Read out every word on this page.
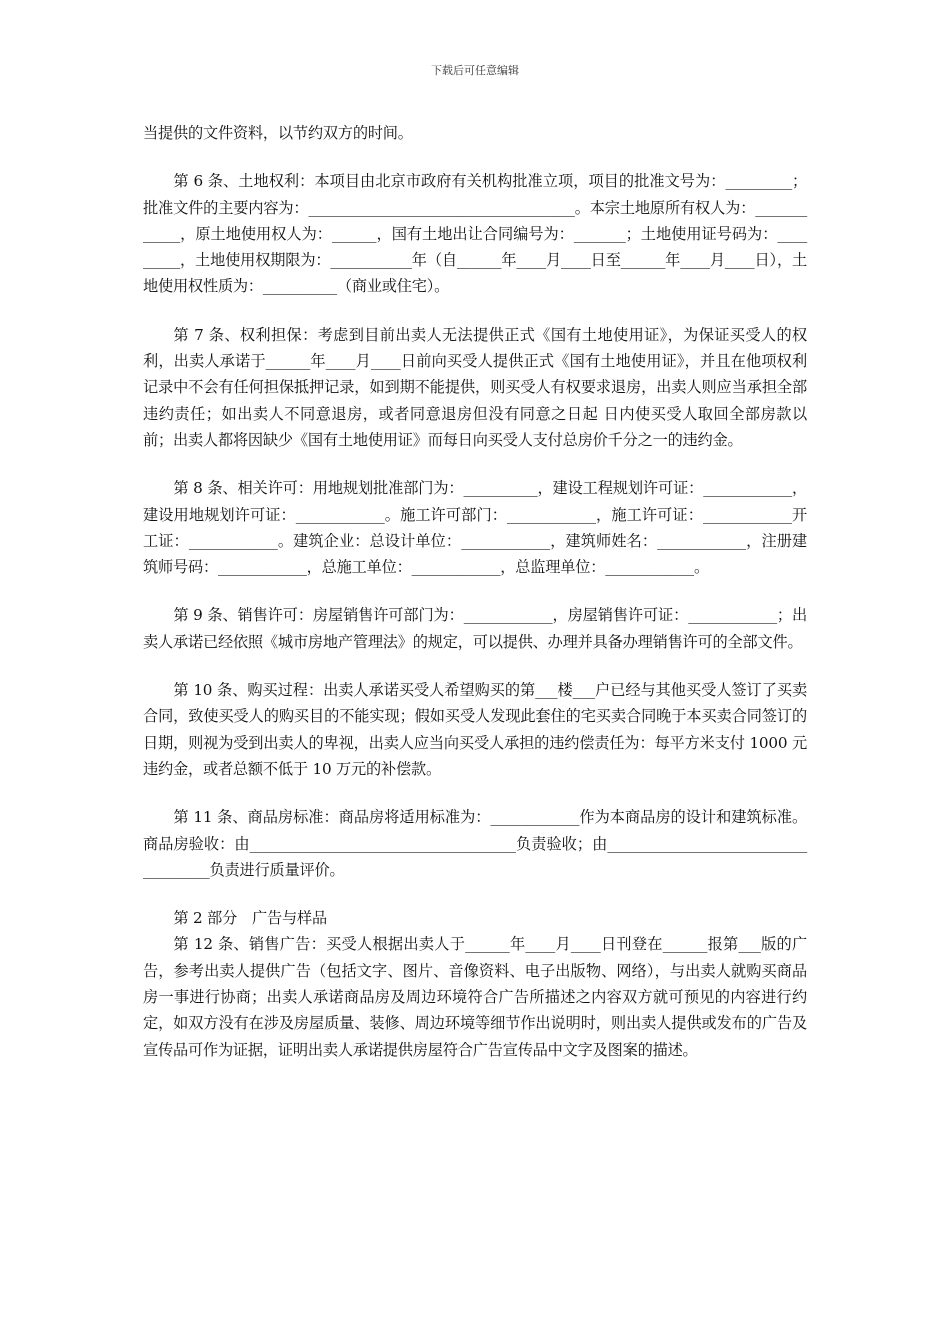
下载后可任意编辑

当提供的文件资料，以节约双方的时间。

第 6 条、土地权利：本项目由北京市政府有关机构批准立项，项目的批准文号为：_________；批准文件的主要内容为：____________________________________。本宗土地原所有权人为：____________，原土地使用权人为：______，国有土地出让合同编号为：_______；土地使用证号码为：_________，土地使用权期限为：___________年（自______年____月____日至______年____月____日），土地使用权性质为：__________（商业或住宅）。

第 7 条、权利担保：考虑到目前出卖人无法提供正式《国有土地使用证》，为保证买受人的权利，出卖人承诺于______年____月____日前向买受人提供正式《国有土地使用证》，并且在他项权利记录中不会有任何担保抵押记录，如到期不能提供，则买受人有权要求退房，出卖人则应当承担全部违约责任；如出卖人不同意退房，或者同意退房但没有同意之日起 日内使买受人取回全部房款以前；出卖人都将因缺少《国有土地使用证》而每日向买受人支付总房价千分之一的违约金。

第 8 条、相关许可：用地规划批准部门为：__________，建设工程规划许可证：____________，建设用地规划许可证：____________。施工许可部门：____________，施工许可证：____________开工证：____________。建筑企业：总设计单位：____________，建筑师姓名：____________，注册建筑师号码：____________，总施工单位：____________，总监理单位：____________。

第 9 条、销售许可：房屋销售许可部门为：____________，房屋销售许可证：____________；出卖人承诺已经依照《城市房地产管理法》的规定，可以提供、办理并具备办理销售许可的全部文件。

第 10 条、购买过程：出卖人承诺买受人希望购买的第___楼___户已经与其他买受人签订了买卖合同，致使买受人的购买目的不能实现；假如买受人发现此套住的宅买卖合同晚于本买卖合同签订的日期，则视为受到出卖人的卑视，出卖人应当向买受人承担的违约偿责任为：每平方米支付 1000 元违约金，或者总额不低于 10 万元的补偿款。

第 11 条、商品房标准：商品房将适用标准为：____________作为本商品房的设计和建筑标准。商品房验收：由____________________________________负责验收；由____________________________________负责进行质量评价。

第 2 部分　广告与样品

第 12 条、销售广告：买受人根据出卖人于______年____月____日刊登在______报第___版的广告，参考出卖人提供广告（包括文字、图片、音像资料、电子出版物、网络），与出卖人就购买商品房一事进行协商；出卖人承诺商品房及周边环境符合广告所描述之内容双方就可预见的内容进行约定，如双方没有在涉及房屋质量、装修、周边环境等细节作出说明时，则出卖人提供或发布的广告及宣传品可作为证据，证明出卖人承诺提供房屋符合广告宣传品中文字及图案的描述。
